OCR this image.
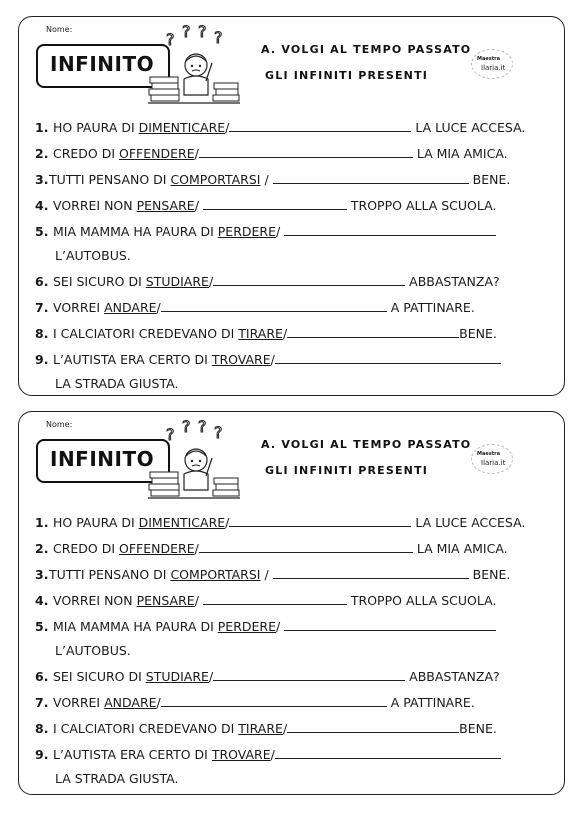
Nome:
INFINITO
? ? ? ?
A. VOLGI AL TEMPO PASSATO
GLI INFINITI PRESENTI
Maestra
Ilaria.it
1. HO PAURA DI DIMENTICARE/	LA LUCE ACCESA.
2. CREDO DI OFFENDERE/	LA MIA AMICA.
3.TUTTI PENSANO DI COMPORTARSI /	BENE.
4. VORREI NON PENSARE/	TROPPO ALLA SCUOLA.
5. MIA MAMMA HA PAURA DI PERDERE/
L’AUTOBUS.
6. SEI SICURO DI STUDIARE/	ABBASTANZA?
7. VORREI ANDARE/	A PATTINARE.
8. I CALCIATORI CREDEVANO DI TIRARE/	BENE.
9. L’AUTISTA ERA CERTO DI TROVARE/
LA STRADA GIUSTA.
Nome:
INFINITO
? ? ? ?
A. VOLGI AL TEMPO PASSATO
GLI INFINITI PRESENTI
Maestra
Ilaria.it
1. HO PAURA DI DIMENTICARE/	LA LUCE ACCESA.
2. CREDO DI OFFENDERE/	LA MIA AMICA.
3.TUTTI PENSANO DI COMPORTARSI /	BENE.
4. VORREI NON PENSARE/	TROPPO ALLA SCUOLA.
5. MIA MAMMA HA PAURA DI PERDERE/
L’AUTOBUS.
6. SEI SICURO DI STUDIARE/	ABBASTANZA?
7. VORREI ANDARE/	A PATTINARE.
8. I CALCIATORI CREDEVANO DI TIRARE/	BENE.
9. L’AUTISTA ERA CERTO DI TROVARE/
LA STRADA GIUSTA.
